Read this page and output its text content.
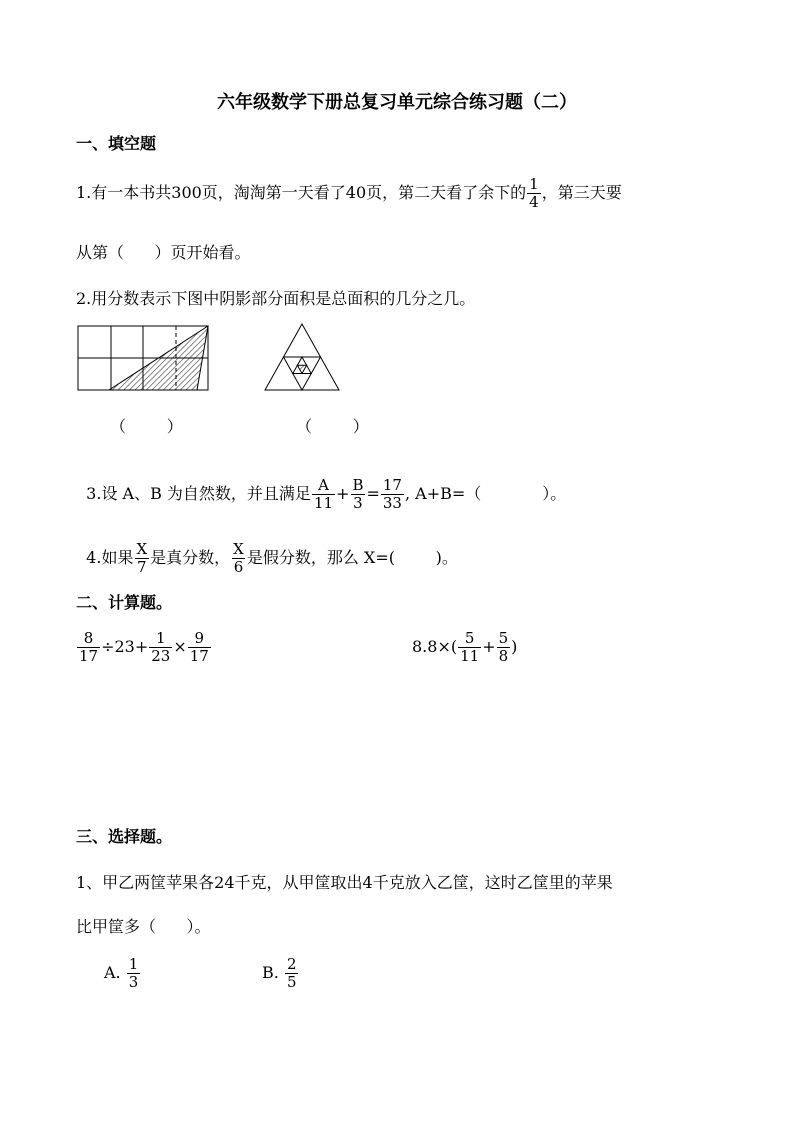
六年级数学下册总复习单元综合练习题（二）
一、填空题
1.有一本书共300页，淘淘第一天看了40页，第二天看了余下的 $\frac{1}{4}$ ，第三天要
从第（      ）页开始看。
2.用分数表示下图中阴影部分面积是总面积的几分之几。
（        ）	（        ）

3.设 A、B 为自然数，并且满足 $\frac{A}{11} + \frac{B}{3} = \frac{17}{33}$ , A+B=（            ）。

4.如果 $\frac{X}{7}$ 是真分数， $\frac{X}{6}$ 是假分数，那么 X=(        )。

二、计算题。
$\frac{8}{17} \div 23+ \frac{1}{23} \times \frac{9}{17}$	$8.8\times( \frac{5}{11} + \frac{5}{8}$ )
三、选择题。
1、甲乙两筐苹果各24千克，从甲筐取出4千克放入乙筐，这时乙筐里的苹果
比甲筐多（      ）。
A. $\frac{1}{3}$	B. $\frac{2}{5}$
